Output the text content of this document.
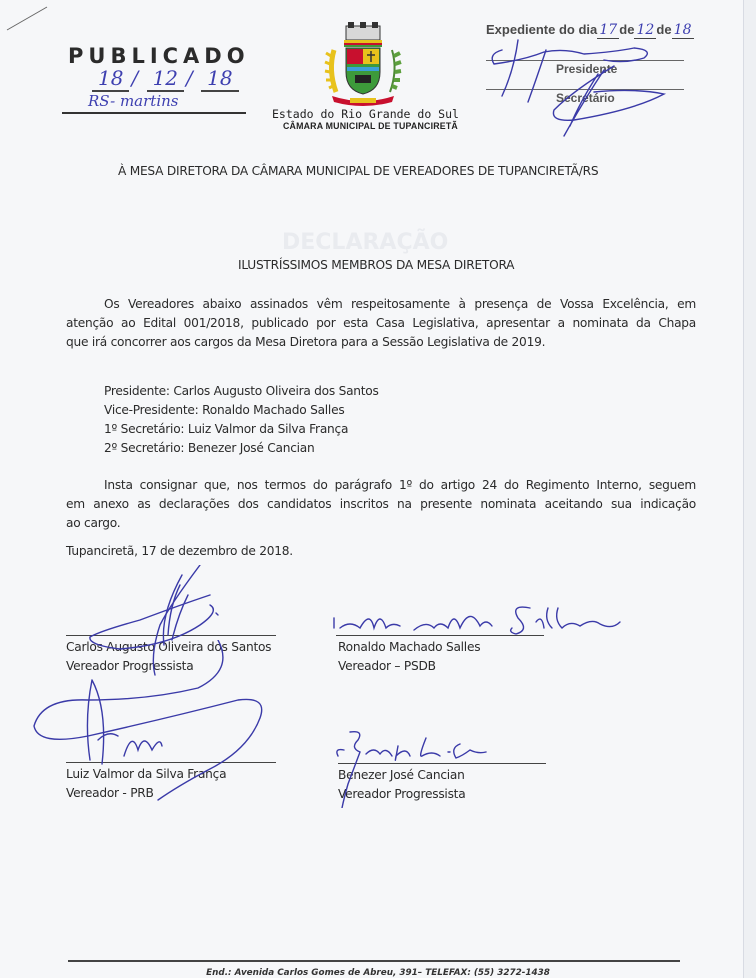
DECLARAÇÃO
PUBLICADO
18 / 12 / 18
RS- martins
Estado do Rio Grande do Sul
CÂMARA MUNICIPAL DE TUPANCIRETÃ
Expediente do dia 17 de 12 de 18
Presidente
Secretário
À MESA DIRETORA DA CÂMARA MUNICIPAL DE VEREADORES DE TUPANCIRETÃ/RS
ILUSTRÍSSIMOS MEMBROS DA MESA DIRETORA
Os Vereadores abaixo assinados vêm respeitosamente à presença de Vossa Excelência, em
atenção ao Edital 001/2018, publicado por esta Casa Legislativa, apresentar a nominata da Chapa
que irá concorrer aos cargos da Mesa Diretora para a Sessão Legislativa de 2019.
Presidente: Carlos Augusto Oliveira dos Santos
Vice-Presidente: Ronaldo Machado Salles
1º Secretário: Luiz Valmor da Silva França
2º Secretário: Benezer José Cancian
Insta consignar que, nos termos do parágrafo 1º do artigo 24 do Regimento Interno, seguem
em anexo as declarações dos candidatos inscritos na presente nominata aceitando sua indicação
ao cargo.
Tupanciretã, 17 de dezembro de 2018.
Carlos Augusto Oliveira dos Santos
Vereador Progressista
Ronaldo Machado Salles
Vereador – PSDB
Luiz Valmor da Silva França
Vereador - PRB
Benezer José Cancian
Vereador Progressista
End.: Avenida Carlos Gomes de Abreu, 391– TELEFAX: (55) 3272-1438
